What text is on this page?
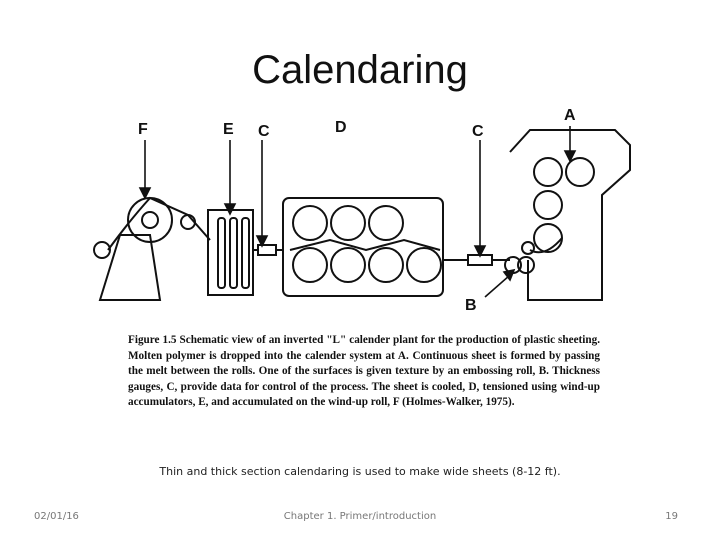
Calendaring
F	E C	D	C
A
B
Figure 1.5 Schematic view of an inverted "L" calender plant for the production of plastic sheeting. Molten polymer is dropped into the calender system at A. Continuous sheet is formed by passing the melt between the rolls. One of the surfaces is given texture by an embossing roll, B. Thickness gauges, C, provide data for control of the process. The sheet is cooled, D, tensioned using wind-up accumulators, E, and accumulated on the wind-up roll, F (Holmes-Walker, 1975).
Thin and thick section calendaring is used to make wide sheets (8-12 ft).
02/01/16	Chapter 1. Primer/introduction	19
